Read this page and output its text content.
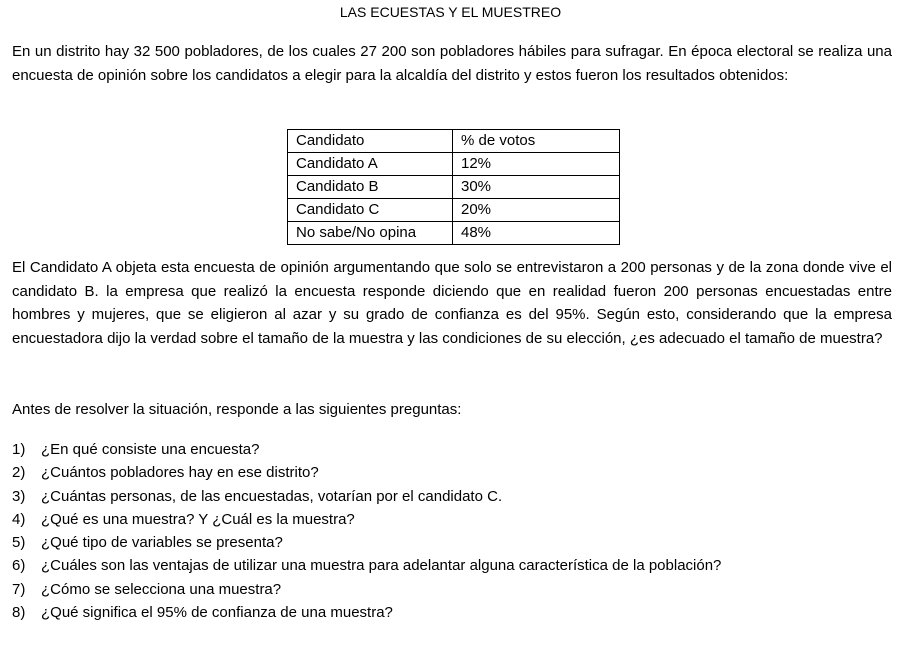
LAS ECUESTAS Y EL MUESTREO

En un distrito hay 32 500 pobladores, de los cuales 27 200 son pobladores hábiles para sufragar. En época electoral se realiza una encuesta de opinión sobre los candidatos a elegir para la alcaldía del distrito y estos fueron los resultados obtenidos:

Candidato	% de votos
Candidato A	12%
Candidato B	30%
Candidato C	20%
No sabe/No opina	48%

El Candidato A objeta esta encuesta de opinión argumentando que solo se entrevistaron a 200 personas y de la zona donde vive el candidato B. la empresa que realizó la encuesta responde diciendo que en realidad fueron 200 personas encuestadas entre hombres y mujeres, que se eligieron al azar y su grado de confianza es del 95%. Según esto, considerando que la empresa encuestadora dijo la verdad sobre el tamaño de la muestra y las condiciones de su elección, ¿es adecuado el tamaño de muestra?

Antes de resolver la situación, responde a las siguientes preguntas:

1)	¿En qué consiste una encuesta?
2)	¿Cuántos pobladores hay en ese distrito?
3)	¿Cuántas personas, de las encuestadas, votarían por el candidato C.
4)	¿Qué es una muestra? Y ¿Cuál es la muestra?
5)	¿Qué tipo de variables se presenta?
6)	¿Cuáles son las ventajas de utilizar una muestra para adelantar alguna característica de la población?
7)	¿Cómo se selecciona una muestra?
8)	¿Qué significa el 95% de confianza de una muestra?
